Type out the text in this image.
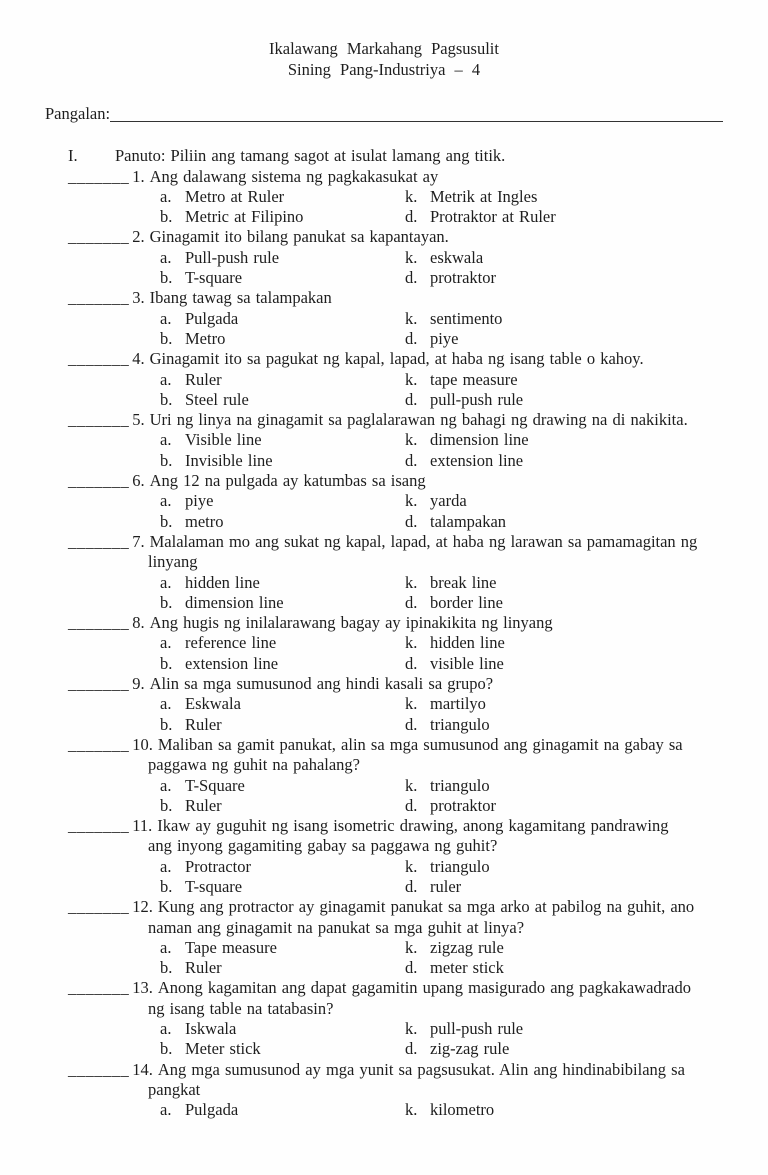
Ikalawang Markahang Pagsusulit
Sining Pang-Industriya – 4
Pangalan:
I.	Panuto: Piliin ang tamang sagot at isulat lamang ang titik.
_______ 1. Ang dalawang sistema ng pagkakasukat ay
a. Metro at Ruler	k. Metrik at Ingles
b. Metric at Filipino	d. Protraktor at Ruler
_______ 2. Ginagamit ito bilang panukat sa kapantayan.
a. Pull-push rule	k. eskwala
b. T-square	d. protraktor
_______ 3. Ibang tawag sa talampakan
a. Pulgada	k. sentimento
b. Metro	d. piye
_______ 4. Ginagamit ito sa pagukat ng kapal, lapad, at haba ng isang table o kahoy.
a. Ruler	k. tape measure
b. Steel rule	d. pull-push rule
_______ 5. Uri ng linya na ginagamit sa paglalarawan ng bahagi ng drawing na di nakikita.
a. Visible line	k. dimension line
b. Invisible line	d. extension line
_______ 6. Ang 12 na pulgada ay katumbas sa isang
a. piye	k. yarda
b. metro	d. talampakan
_______ 7. Malalaman mo ang sukat ng kapal, lapad, at haba ng larawan sa pamamagitan ng
linyang
a. hidden line	k. break line
b. dimension line	d. border line
_______ 8. Ang hugis ng inilalarawang bagay ay ipinakikita ng linyang
a. reference line	k. hidden line
b. extension line	d. visible line
_______ 9. Alin sa mga sumusunod ang hindi kasali sa grupo?
a. Eskwala	k. martilyo
b. Ruler	d. triangulo
_______ 10. Maliban sa gamit panukat, alin sa mga sumusunod ang ginagamit na gabay sa
paggawa ng guhit na pahalang?
a. T-Square	k. triangulo
b. Ruler	d. protraktor
_______ 11. Ikaw ay guguhit ng isang isometric drawing, anong kagamitang pandrawing
ang inyong gagamiting gabay sa paggawa ng guhit?
a. Protractor	k. triangulo
b. T-square	d. ruler
_______ 12. Kung ang protractor ay ginagamit panukat sa mga arko at pabilog na guhit, ano
naman ang ginagamit na panukat sa mga guhit at linya?
a. Tape measure	k. zigzag rule
b. Ruler	d. meter stick
_______ 13. Anong kagamitan ang dapat gagamitin upang masigurado ang pagkakawadrado
ng isang table na tatabasin?
a. Iskwala	k. pull-push rule
b. Meter stick	d. zig-zag rule
_______ 14. Ang mga sumusunod ay mga yunit sa pagsusukat. Alin ang hindinabibilang sa
pangkat
a. Pulgada	k. kilometro
